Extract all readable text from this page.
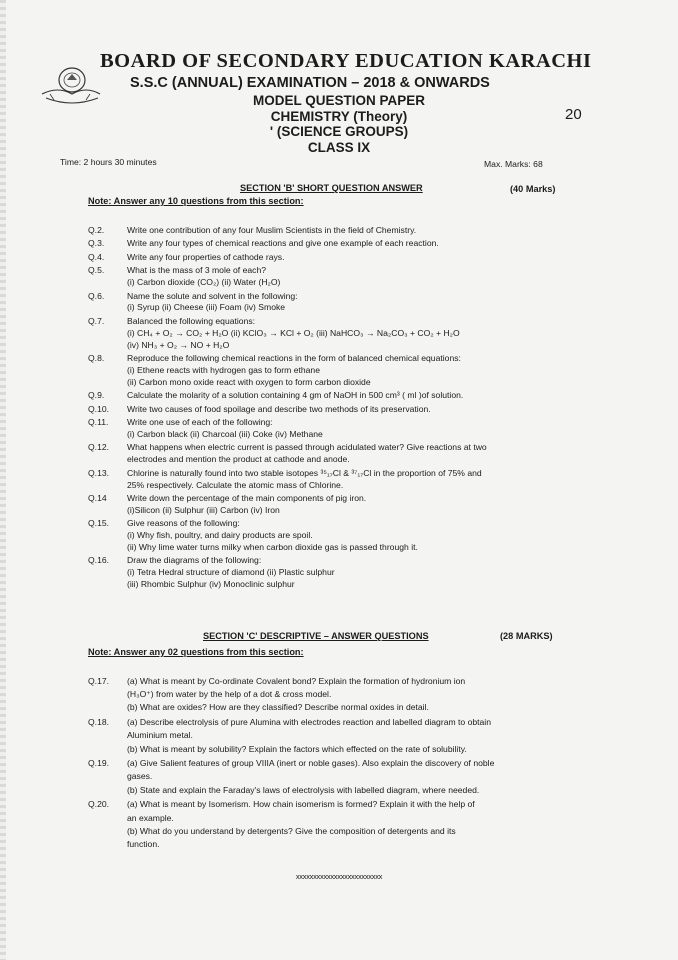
BOARD OF SECONDARY EDUCATION KARACHI
S.S.C (ANNUAL) EXAMINATION – 2018 & ONWARDS
MODEL QUESTION PAPER
CHEMISTRY (Theory)
' (SCIENCE GROUPS)
CLASS IX
20
Time: 2 hours 30 minutes	Max. Marks: 68
SECTION 'B' SHORT QUESTION ANSWER	(40 Marks)
Note: Answer any 10 questions from this section:
Q.2.	Write one contribution of any four Muslim Scientists in the field of Chemistry.
Q.3.	Write any four types of chemical reactions and give one example of each reaction.
Q.4.	Write any four properties of cathode rays.
Q.5.	What is the mass of 3 mole of each?
(i) Carbon dioxide (CO₂) (ii) Water (H₂O)
Q.6.	Name the solute and solvent in the following:
(i) Syrup (ii) Cheese (iii) Foam (iv) Smoke
Q.7.	Balanced the following equations:
(i) CH₄ + O₂ → CO₂ + H₂O (ii) KClO₃ → KCl + O₂ (iii) NaHCO₃ → Na₂CO₃ + CO₂ + H₂O
(iv) NH₃ + O₂ → NO + H₂O
Q.8.	Reproduce the following chemical reactions in the form of balanced chemical equations:
(i) Ethene reacts with hydrogen gas to form ethane
(ii) Carbon mono oxide react with oxygen to form carbon dioxide
Q.9.	Calculate the molarity of a solution containing 4 gm of NaOH in 500 cm³ ( ml )of solution.
Q.10. Write two causes of food spoilage and describe two methods of its preservation.
Q.11. Write one use of each of the following:
(i) Carbon black (ii) Charcoal (iii) Coke (iv) Methane
Q.12. What happens when electric current is passed through acidulated water? Give reactions at two
electrodes and mention the product at cathode and anode.
Q.13. Chlorine is naturally found into two stable isotopes ³⁵₁₇Cl & ³⁷₁₇Cl in the proportion of 75% and
25% respectively. Calculate the atomic mass of Chlorine.
Q.14 Write down the percentage of the main components of pig iron.
(i)Silicon (ii) Sulphur (iii) Carbon (iv) Iron
Q.15. Give reasons of the following:
(i) Why fish, poultry, and dairy products are spoil.
(ii) Why lime water turns milky when carbon dioxide gas is passed through it.
Q.16. Draw the diagrams of the following:
(i) Tetra Hedral structure of diamond (ii) Plastic sulphur
(iii) Rhombic Sulphur (iv) Monoclinic sulphur
SECTION 'C' DESCRIPTIVE – ANSWER QUESTIONS	(28 MARKS)
Note: Answer any 02 questions from this section:
Q.17. (a) What is meant by Co-ordinate Covalent bond? Explain the formation of hydronium ion
(H₃O⁺) from water by the help of a dot & cross model.
(b) What are oxides? How are they classified? Describe normal oxides in detail.
Q.18. (a) Describe electrolysis of pure Alumina with electrodes reaction and labelled diagram to obtain
Aluminium metal.
(b) What is meant by solubility? Explain the factors which effected on the rate of solubility.
Q.19. (a) Give Salient features of group VIIIA (inert or noble gases). Also explain the discovery of noble
gases.
(b) State and explain the Faraday's laws of electrolysis with labelled diagram, where needed.
Q.20. (a) What is meant by Isomerism. How chain isomerism is formed? Explain it with the help of
an example.
(b) What do you understand by detergents? Give the composition of detergents and its
function.
xxxxxxxxxxxxxxxxxxxxxxxxx
